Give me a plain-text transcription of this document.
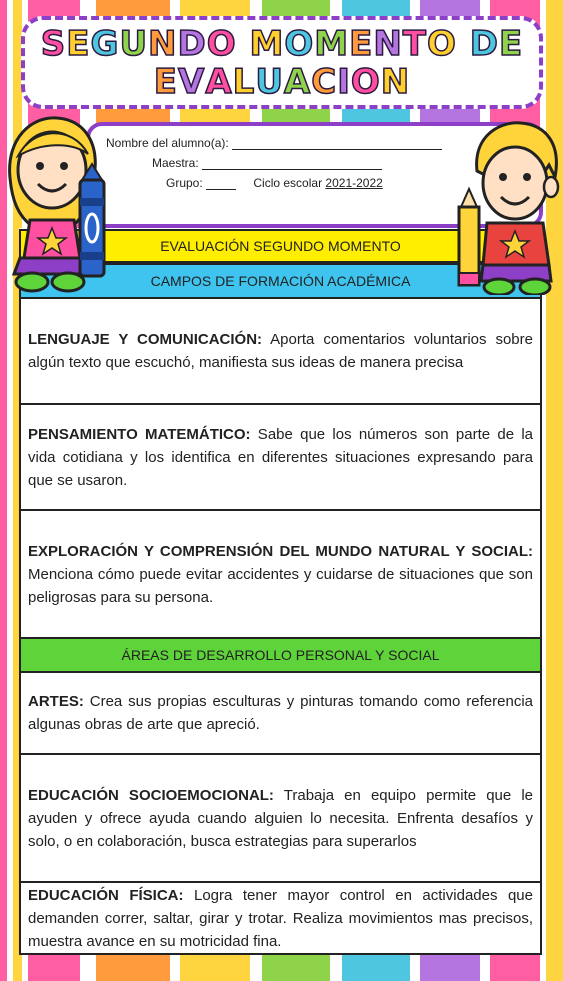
SEGUNDO MOMENTO DE
EVALUACION
Nombre del alumno(a):
Maestra:
Grupo:	Ciclo escolar 2021-2022
EVALUACIÓN SEGUNDO MOMENTO
CAMPOS DE FORMACIÓN ACADÉMICA

LENGUAJE Y COMUNICACIÓN: Aporta comentarios voluntarios sobre algún texto que escuchó, manifiesta sus ideas de manera precisa

PENSAMIENTO MATEMÁTICO: Sabe que los números son parte de la vida cotidiana y los identifica en diferentes situaciones expresando para que se usaron.

EXPLORACIÓN Y COMPRENSIÓN DEL MUNDO NATURAL Y SOCIAL: Menciona cómo puede evitar accidentes y cuidarse de situaciones que son peligrosas para su persona.

ÁREAS DE DESARROLLO PERSONAL Y SOCIAL

ARTES: Crea sus propias esculturas y pinturas tomando como referencia algunas obras de arte que apreció.

EDUCACIÓN SOCIOEMOCIONAL: Trabaja en equipo permite que le ayuden y ofrece ayuda cuando alguien lo necesita. Enfrenta desafíos y solo, o en colaboración, busca estrategias para superarlos

EDUCACIÓN FÍSICA: Logra tener mayor control en actividades que demanden correr, saltar, girar y trotar. Realiza movimientos mas precisos, muestra avance en su motricidad fina.
